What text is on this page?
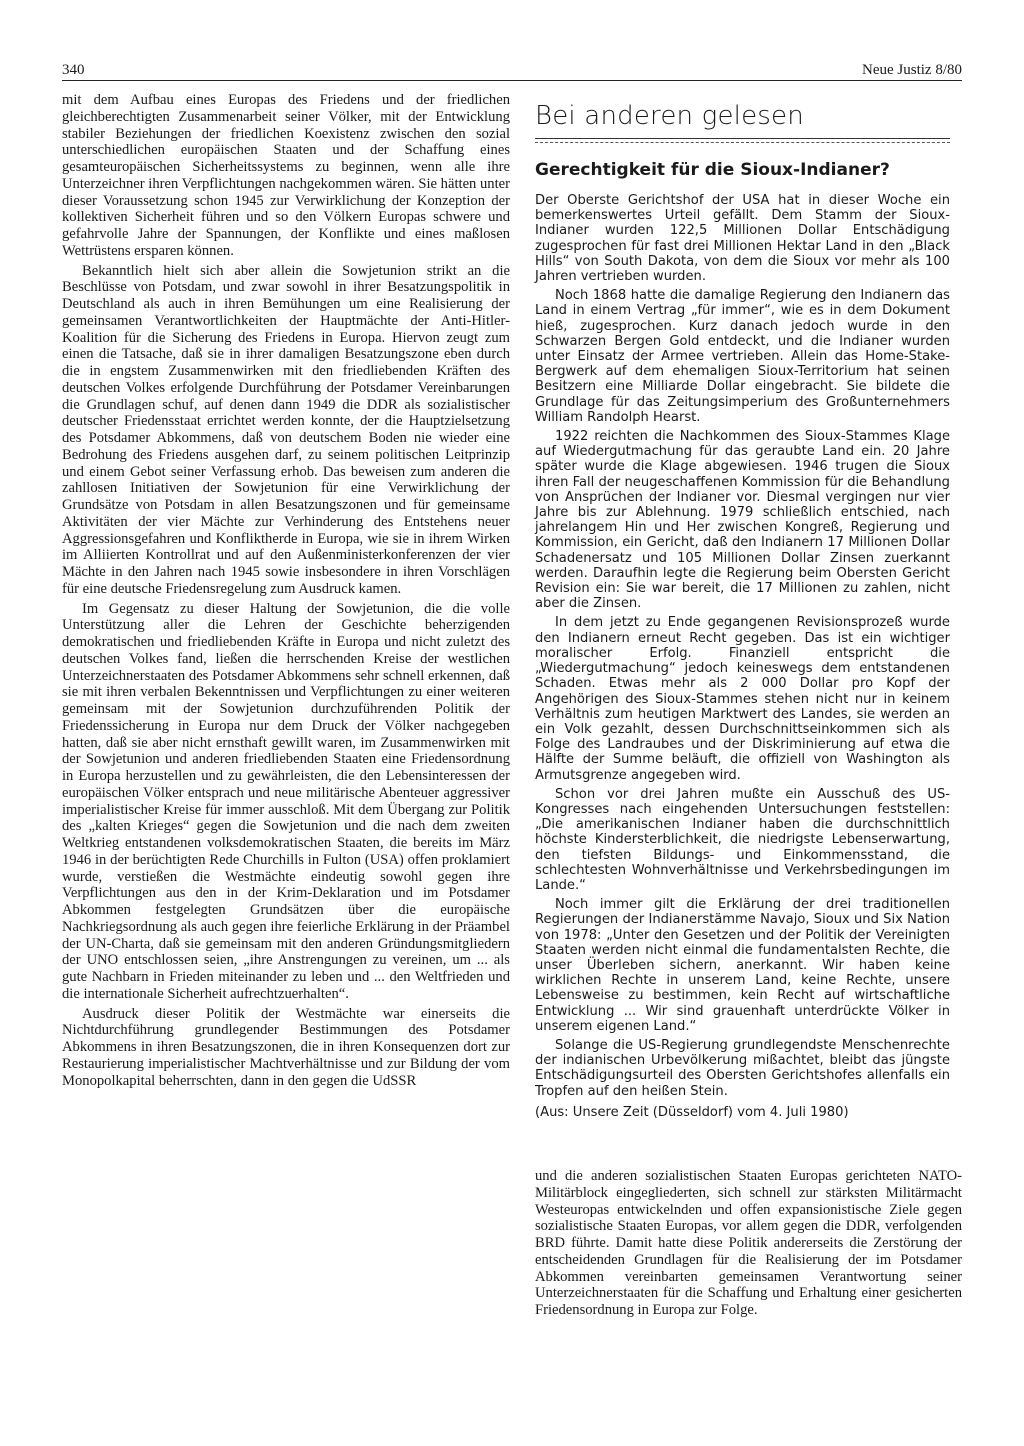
340	Neue Justiz 8/80

mit dem Aufbau eines Europas des Friedens und der friedlichen gleichberechtigten Zusammenarbeit seiner Völker, mit der Entwicklung stabiler Beziehungen der friedlichen Koexistenz zwischen den sozial unterschiedlichen europäischen Staaten und der Schaffung eines gesamteuropäischen Sicherheitssystems zu beginnen, wenn alle ihre Unterzeichner ihren Verpflichtungen nachgekommen wären. Sie hätten unter dieser Voraussetzung schon 1945 zur Verwirklichung der Konzeption der kollektiven Sicherheit führen und so den Völkern Europas schwere und gefahrvolle Jahre der Spannungen, der Konflikte und eines maßlosen Wettrüstens ersparen können.

Bekanntlich hielt sich aber allein die Sowjetunion strikt an die Beschlüsse von Potsdam, und zwar sowohl in ihrer Besatzungspolitik in Deutschland als auch in ihren Bemühungen um eine Realisierung der gemeinsamen Verantwortlichkeiten der Hauptmächte der Anti-Hitler-Koalition für die Sicherung des Friedens in Europa. Hiervon zeugt zum einen die Tatsache, daß sie in ihrer damaligen Besatzungszone eben durch die in engstem Zusammenwirken mit den friedliebenden Kräften des deutschen Volkes erfolgende Durchführung der Potsdamer Vereinbarungen die Grundlagen schuf, auf denen dann 1949 die DDR als sozialistischer deutscher Friedensstaat errichtet werden konnte, der die Hauptzielsetzung des Potsdamer Abkommens, daß von deutschem Boden nie wieder eine Bedrohung des Friedens ausgehen darf, zu seinem politischen Leitprinzip und einem Gebot seiner Verfassung erhob. Das beweisen zum anderen die zahllosen Initiativen der Sowjetunion für eine Verwirklichung der Grundsätze von Potsdam in allen Besatzungszonen und für gemeinsame Aktivitäten der vier Mächte zur Verhinderung des Entstehens neuer Aggressionsgefahren und Konfliktherde in Europa, wie sie in ihrem Wirken im Alliierten Kontrollrat und auf den Außenministerkonferenzen der vier Mächte in den Jahren nach 1945 sowie insbesondere in ihren Vorschlägen für eine deutsche Friedensregelung zum Ausdruck kamen.

Im Gegensatz zu dieser Haltung der Sowjetunion, die die volle Unterstützung aller die Lehren der Geschichte beherzigenden demokratischen und friedliebenden Kräfte in Europa und nicht zuletzt des deutschen Volkes fand, ließen die herrschenden Kreise der westlichen Unterzeichnerstaaten des Potsdamer Abkommens sehr schnell erkennen, daß sie mit ihren verbalen Bekenntnissen und Verpflichtungen zu einer weiteren gemeinsam mit der Sowjetunion durchzuführenden Politik der Friedenssicherung in Europa nur dem Druck der Völker nachgegeben hatten, daß sie aber nicht ernsthaft gewillt waren, im Zusammenwirken mit der Sowjetunion und anderen friedliebenden Staaten eine Friedensordnung in Europa herzustellen und zu gewährleisten, die den Lebensinteressen der europäischen Völker entsprach und neue militärische Abenteuer aggressiver imperialistischer Kreise für immer ausschloß. Mit dem Übergang zur Politik des „kalten Krieges“ gegen die Sowjetunion und die nach dem zweiten Weltkrieg entstandenen volksdemokratischen Staaten, die bereits im März 1946 in der berüchtigten Rede Churchills in Fulton (USA) offen proklamiert wurde, verstießen die Westmächte eindeutig sowohl gegen ihre Verpflichtungen aus den in der Krim-Deklaration und im Potsdamer Abkommen festgelegten Grundsätzen über die europäische Nachkriegsordnung als auch gegen ihre feierliche Erklärung in der Präambel der UN-Charta, daß sie gemeinsam mit den anderen Gründungsmitgliedern der UNO entschlossen seien, „ihre Anstrengungen zu vereinen, um ... als gute Nachbarn in Frieden miteinander zu leben und ... den Weltfrieden und die internationale Sicherheit aufrechtzuerhalten“.

Ausdruck dieser Politik der Westmächte war einerseits die Nichtdurchführung grundlegender Bestimmungen des Potsdamer Abkommens in ihren Besatzungszonen, die in ihren Konsequenzen dort zur Restaurierung imperialistischer Machtverhältnisse und zur Bildung der vom Monopolkapital beherrschten, dann in den gegen die UdSSR

Bei anderen gelesen
Gerechtigkeit für die Sioux-Indianer?

Der Oberste Gerichtshof der USA hat in dieser Woche ein bemerkenswertes Urteil gefällt. Dem Stamm der Sioux-Indianer wurden 122,5 Millionen Dollar Entschädigung zugesprochen für fast drei Millionen Hektar Land in den „Black Hills“ von South Dakota, von dem die Sioux vor mehr als 100 Jahren vertrieben wurden.

Noch 1868 hatte die damalige Regierung den Indianern das Land in einem Vertrag „für immer“, wie es in dem Dokument hieß, zugesprochen. Kurz danach jedoch wurde in den Schwarzen Bergen Gold entdeckt, und die Indianer wurden unter Einsatz der Armee vertrieben. Allein das Home-Stake-Bergwerk auf dem ehemaligen Sioux-Territorium hat seinen Besitzern eine Milliarde Dollar eingebracht. Sie bildete die Grundlage für das Zeitungsimperium des Großunternehmers William Randolph Hearst.

1922 reichten die Nachkommen des Sioux-Stammes Klage auf Wiedergutmachung für das geraubte Land ein. 20 Jahre später wurde die Klage abgewiesen. 1946 trugen die Sioux ihren Fall der neugeschaffenen Kommission für die Behandlung von Ansprüchen der Indianer vor. Diesmal vergingen nur vier Jahre bis zur Ablehnung. 1979 schließlich entschied, nach jahrelangem Hin und Her zwischen Kongreß, Regierung und Kommission, ein Gericht, daß den Indianern 17 Millionen Dollar Schadenersatz und 105 Millionen Dollar Zinsen zuerkannt werden. Daraufhin legte die Regierung beim Obersten Gericht Revision ein: Sie war bereit, die 17 Millionen zu zahlen, nicht aber die Zinsen.

In dem jetzt zu Ende gegangenen Revisionsprozeß wurde den Indianern erneut Recht gegeben. Das ist ein wichtiger moralischer Erfolg. Finanziell entspricht die „Wiedergutmachung“ jedoch keineswegs dem entstandenen Schaden. Etwas mehr als 2 000 Dollar pro Kopf der Angehörigen des Sioux-Stammes stehen nicht nur in keinem Verhältnis zum heutigen Marktwert des Landes, sie werden an ein Volk gezahlt, dessen Durchschnittseinkommen sich als Folge des Landraubes und der Diskriminierung auf etwa die Hälfte der Summe beläuft, die offiziell von Washington als Armutsgrenze angegeben wird.

Schon vor drei Jahren mußte ein Ausschuß des US-Kongresses nach eingehenden Untersuchungen feststellen: „Die amerikanischen Indianer haben die durchschnittlich höchste Kindersterblichkeit, die niedrigste Lebenserwartung, den tiefsten Bildungs- und Einkommensstand, die schlechtesten Wohnverhältnisse und Verkehrsbedingungen im Lande.“

Noch immer gilt die Erklärung der drei traditionellen Regierungen der Indianerstämme Navajo, Sioux und Six Nation von 1978: „Unter den Gesetzen und der Politik der Vereinigten Staaten werden nicht einmal die fundamentalsten Rechte, die unser Überleben sichern, anerkannt. Wir haben keine wirklichen Rechte in unserem Land, keine Rechte, unsere Lebensweise zu bestimmen, kein Recht auf wirtschaftliche Entwicklung ... Wir sind grauenhaft unterdrückte Völker in unserem eigenen Land.“

Solange die US-Regierung grundlegendste Menschenrechte der indianischen Urbevölkerung mißachtet, bleibt das jüngste Entschädigungsurteil des Obersten Gerichtshofes allenfalls ein Tropfen auf den heißen Stein.

(Aus: Unsere Zeit (Düsseldorf) vom 4. Juli 1980)

und die anderen sozialistischen Staaten Europas gerichteten NATO-Militärblock eingegliederten, sich schnell zur stärksten Militärmacht Westeuropas entwickelnden und offen expansionistische Ziele gegen sozialistische Staaten Europas, vor allem gegen die DDR, verfolgenden BRD führte. Damit hatte diese Politik andererseits die Zerstörung der entscheidenden Grundlagen für die Realisierung der im Potsdamer Abkommen vereinbarten gemeinsamen Verantwortung seiner Unterzeichnerstaaten für die Schaffung und Erhaltung einer gesicherten Friedensordnung in Europa zur Folge.
